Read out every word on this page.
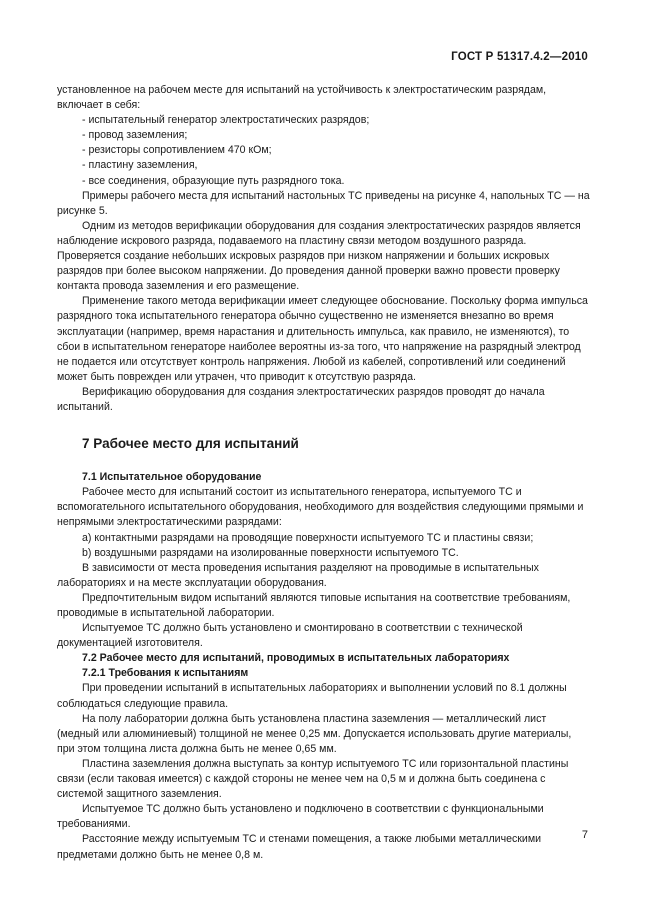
ГОСТ Р 51317.4.2—2010

установленное на рабочем месте для испытаний на устойчивость к электростатическим разрядам, включает в себя:

- испытательный генератор электростатических разрядов;

- провод заземления;

- резисторы сопротивлением 470 кОм;

- пластину заземления,

- все соединения, образующие путь разрядного тока.

Примеры рабочего места для испытаний настольных ТС приведены на рисунке 4, напольных ТС — на рисунке 5.

Одним из методов верификации оборудования для создания электростатических разрядов является наблюдение искрового разряда, подаваемого на пластину связи методом воздушного разряда. Проверяется создание небольших искровых разрядов при низком напряжении и больших искровых разрядов при более высоком напряжении. До проведения данной проверки важно провести проверку контакта провода заземления и его размещение.

Применение такого метода верификации имеет следующее обоснование. Поскольку форма импульса разрядного тока испытательного генератора обычно существенно не изменяется внезапно во время эксплуатации (например, время нарастания и длительность импульса, как правило, не изменяются), то сбои в испытательном генераторе наиболее вероятны из-за того, что напряжение на разрядный электрод не подается или отсутствует контроль напряжения. Любой из кабелей, сопротивлений или соединений может быть поврежден или утрачен, что приводит к отсутствую разряда.

Верификацию оборудования для создания электростатических разрядов проводят до начала испытаний.

7 Рабочее место для испытаний

7.1 Испытательное оборудование

Рабочее место для испытаний состоит из испытательного генератора, испытуемого ТС и вспомогательного испытательного оборудования, необходимого для воздействия следующими прямыми и непрямыми электростатическими разрядами:

a) контактными разрядами на проводящие поверхности испытуемого ТС и пластины связи;

b) воздушными разрядами на изолированные поверхности испытуемого ТС.

В зависимости от места проведения испытания разделяют на проводимые в испытательных лабораториях и на месте эксплуатации оборудования.

Предпочтительным видом испытаний являются типовые испытания на соответствие требованиям, проводимые в испытательной лаборатории.

Испытуемое ТС должно быть установлено и смонтировано в соответствии с технической документацией изготовителя.

7.2 Рабочее место для испытаний, проводимых в испытательных лабораториях

7.2.1 Требования к испытаниям

При проведении испытаний в испытательных лабораториях и выполнении условий по 8.1 должны соблюдаться следующие правила.

На полу лаборатории должна быть установлена пластина заземления — металлический лист (медный или алюминиевый) толщиной не менее 0,25 мм. Допускается использовать другие материалы, при этом толщина листа должна быть не менее 0,65 мм.

Пластина заземления должна выступать за контур испытуемого ТС или горизонтальной пластины связи (если таковая имеется) с каждой стороны не менее чем на 0,5 м и должна быть соединена с системой защитного заземления.

Испытуемое ТС должно быть установлено и подключено в соответствии с функциональными требованиями.

Расстояние между испытуемым ТС и стенами помещения, а также любыми металлическими предметами должно быть не менее 0,8 м.

7
